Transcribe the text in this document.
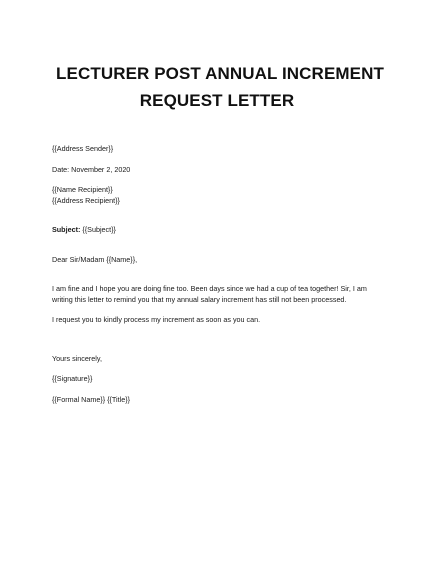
LECTURER POST ANNUAL INCREMENT
REQUEST LETTER

{{Address Sender}}

Date: November 2, 2020

{{Name Recipient}}

{{Address Recipient}}

Subject: {{Subject}}

Dear Sir/Madam {{Name}},

I am fine and I hope you are doing fine too. Been days since we had a cup of tea together! Sir, I am

writing this letter to remind you that my annual salary increment has still not been processed.

I request you to kindly process my increment as soon as you can.

Yours sincerely,

{{Signature}}

{{Formal Name}} {{Title}}
